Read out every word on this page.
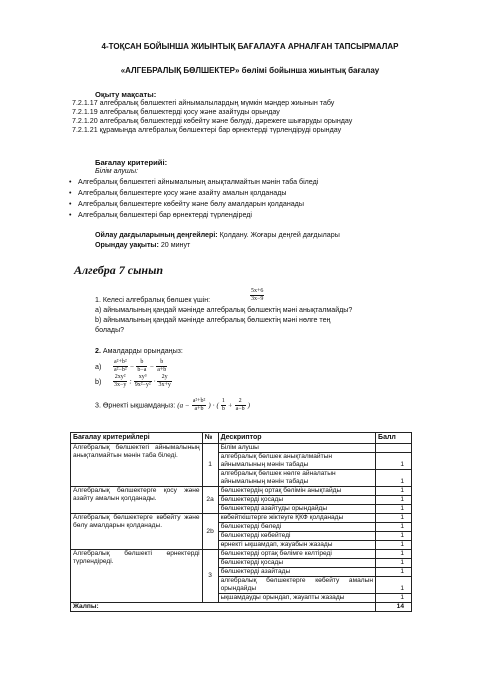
4-ТОҚСАН БОЙЫНША ЖИЫНТЫҚ БАҒАЛАУҒА АРНАЛҒАН ТАПСЫРМАЛАР
«АЛГЕБРАЛЫҚ БӨЛШЕКТЕР» бөлімі бойынша жиынтық бағалау
Оқыту мақсаты:
7.2.1.17 алгебралық бөлшектегі айнымалылардың мүмкін мәндер жиынын табу
7.2.1.19 алгебралық бөлшектерді қосу және азайтуды орындау
7.2.1.20 алгебралық бөлшектерді көбейту және бөлуді, дәрежеге шығаруды орындау
7.2.1.21 құрамында алгебралық бөлшектері бар өрнектерді түрлендіруді орындау
Бағалау критерийі:
Білім алушы:
• Алгебралық бөлшектегі айнымалының анықталмайтын мәнін таба біледі
• Алгебралық бөлшектерге қосу және азайту амалын қолданады
• Алгебралық бөлшектерге көбейту және бөлу амалдарын қолданады
• Алгебралық бөлшектері бар өрнектерді түрлендіреді
Ойлау дағдыларының деңгейлері: Қолдану. Жоғары деңгей дағдылары
Орындау уақыты: 20 минут
Алгебра 7 сынып
1. Келесі алгебралық бөлшек үшін:	$\frac{5x+6}{3x-9}$
а) айнымалының қандай мәнінде алгебралық бөлшектің мәні анықталмайды?
b) айнымалының қандай мәнінде алгебралық бөлшектің мәні нөлге тең
болады?
2. Амалдарды орындаңыз:
$а) \frac{\text{a²+b²}}{\text{a²−b²}} - \frac{b}{b-a} - \frac{b}{a+b}$
$b) \frac{\text{2xy²}}{3x-y}$ : $\frac{\text{xy³}}{\text{9x²−y²}} \cdot \frac{2y}{3x+y}$
3. Өрнекті ықшамдаңыз: ($a - \frac{\text{a²+b²}}{a+b}$ ) · ( $\frac{1}{b} + \frac{2}{a-b}$ )
Бағалау критерийлері	№	Дескриптор	Балл
Алгебралық бөлшектегі айнымалының анықталмайтын мәнін таба біледі.	1	Білім алушы	
		алгебралық бөлшек анықталмайтын айнымалының мәнін табады	1
		алгебралық бөлшек нөлге айналатын айнымалының мәнін табады	1
Алгебралық бөлшектерге қосу және азайту амалын қолданады.	2a	бөлшектердің ортақ бөлімін анықтайды	1
		бөлшектерді қосады	1
		бөлшектерді азайтуды орындайды	1
Алгебралық бөлшектерге көбейту және бөлу амалдарын қолданады.	2b	көбейткіштерге жіктеуге ҚКФ қолданады	1
		бөлшектерді бөледі	1
		бөлшектерді көбейтеді	1
		өрнекті ықшамдап, жауабын жазады	1
Алгебралық бөлшекті өрнектерді түрлендіреді.	3	бөлшектерді ортақ бөлімге келтіреді	1
		бөлшектерді қосады	1
		бөлшектерді азайтады	1
		алгебралық бөлшектерге көбейту амалын орындайды	1
		ықшамдауды орындап, жауапты жазады	1
Жалпы:			14
